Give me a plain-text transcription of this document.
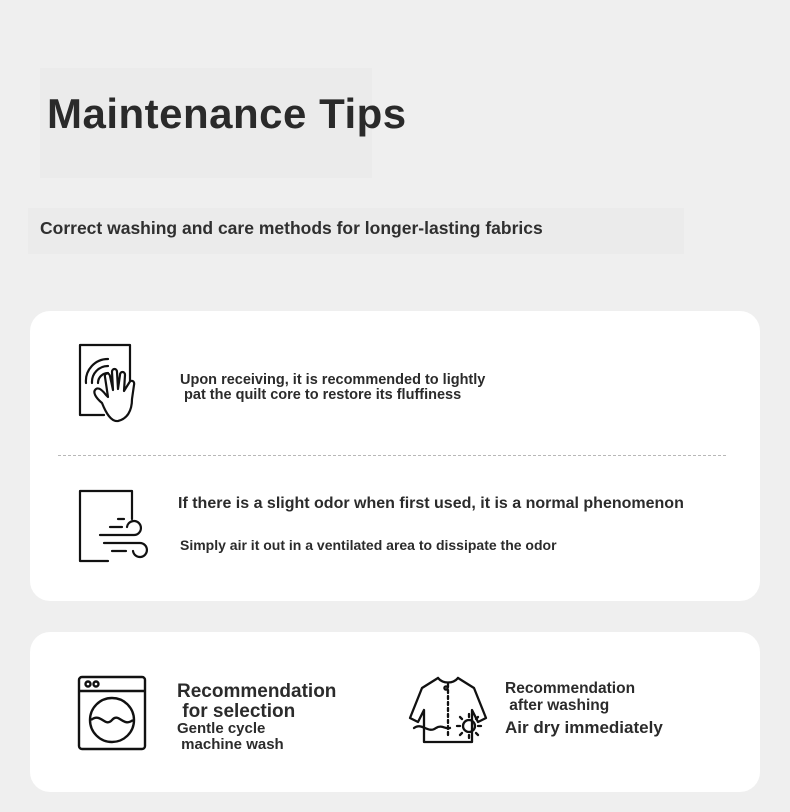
Maintenance Tips

Correct washing and care methods for longer-lasting fabrics

Upon receiving, it is recommended to lightly
pat the quilt core to restore its fluffiness

If there is a slight odor when first used, it is a normal phenomenon

Simply air it out in a ventilated area to dissipate the odor

Recommendation
for selection

Gentle cycle
machine wash

Recommendation
after washing

Air dry immediately
